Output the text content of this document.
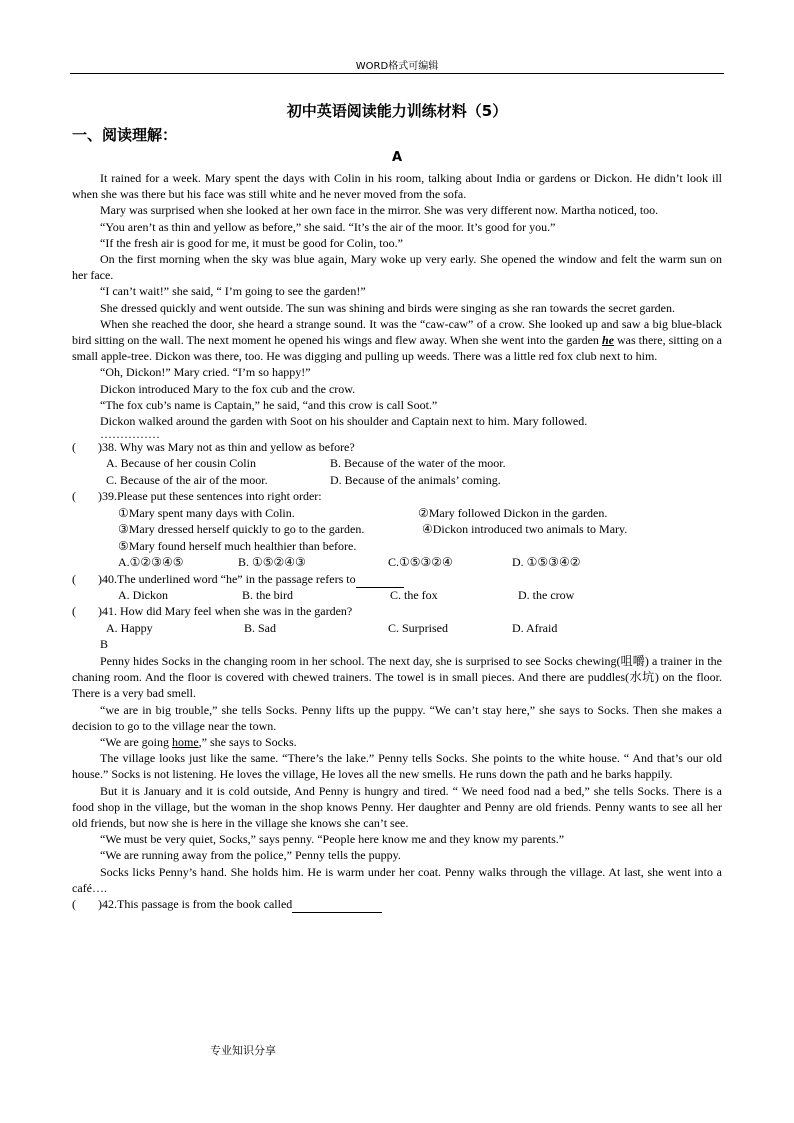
WORD格式可编辑
初中英语阅读能力训练材料（5）
一、阅读理解：
A

It rained for a week. Mary spent the days with Colin in his room, talking about India or gardens or Dickon. He didn’t look ill when she was there but his face was still white and he never moved from the sofa.

Mary was surprised when she looked at her own face in the mirror. She was very different now. Martha noticed, too.

“You aren’t as thin and yellow as before,” she said. “It’s the air of the moor. It’s good for you.”

“If the fresh air is good for me, it must be good for Colin, too.”

On the first morning when the sky was blue again, Mary woke up very early. She opened the window and felt the warm sun on her face.

“I can’t wait!” she said, “ I’m going to see the garden!”

She dressed quickly and went outside. The sun was shining and birds were singing as she ran towards the secret garden.

When she reached the door, she heard a strange sound. It was the “caw-caw” of a crow. She looked up and saw a big blue-black bird sitting on the wall. The next moment he opened his wings and flew away. When she went into the garden he was there, sitting on a small apple-tree. Dickon was there, too. He was digging and pulling up weeds. There was a little red fox club next to him.

“Oh, Dickon!” Mary cried. “I’m so happy!”

Dickon introduced Mary to the fox cub and the crow.

“The fox cub’s name is Captain,” he said, “and this crow is call Soot.”

Dickon walked around the garden with Soot on his shoulder and Captain next to him. Mary followed.

……………

( )38. Why was Mary not as thin and yellow as before?
A. Because of her cousin Colin	B. Because of the water of the moor.
C. Because of the air of the moor.	D. Because of the animals’ coming.
( )39.Please put these sentences into right order:
①Mary spent many days with Colin.	②Mary followed Dickon in the garden.
③Mary dressed herself quickly to go to the garden.	④Dickon introduced two animals to Mary.
⑤Mary found herself much healthier than before.
A.①②③④⑤	B. ①⑤②④③	C.①⑤③②④	D. ①⑤③④②
( )40.The underlined word “he” in the passage refers to
A. Dickon	B. the bird	C. the fox	D. the crow
( )41. How did Mary feel when she was in the garden?
A. Happy	B. Sad	C. Surprised	D. Afraid

B

Penny hides Socks in the changing room in her school. The next day, she is surprised to see Socks chewing(咀嚼) a trainer in the chaning room. And the floor is covered with chewed trainers. The towel is in small pieces. And there are puddles(水坑) on the floor. There is a very bad smell.

“we are in big trouble,” she tells Socks. Penny lifts up the puppy. “We can’t stay here,” she says to Socks. Then she makes a decision to go to the village near the town.

“We are going home,” she says to Socks.

The village looks just like the same. “There’s the lake.” Penny tells Socks. She points to the white house. “ And that’s our old house.” Socks is not listening. He loves the village, He loves all the new smells. He runs down the path and he barks happily.

But it is January and it is cold outside, And Penny is hungry and tired. “ We need food nad a bed,” she tells Socks. There is a food shop in the village, but the woman in the shop knows Penny. Her daughter and Penny are old friends. Penny wants to see all her old friends, but now she is here in the village she knows she can’t see.

“We must be very quiet, Socks,” says penny. “People here know me and they know my parents.”

“We are running away from the police,” Penny tells the puppy.

Socks licks Penny’s hand. She holds him. He is warm under her coat. Penny walks through the village. At last, she went into a café….

( )42.This passage is from the book called
专业知识分享
